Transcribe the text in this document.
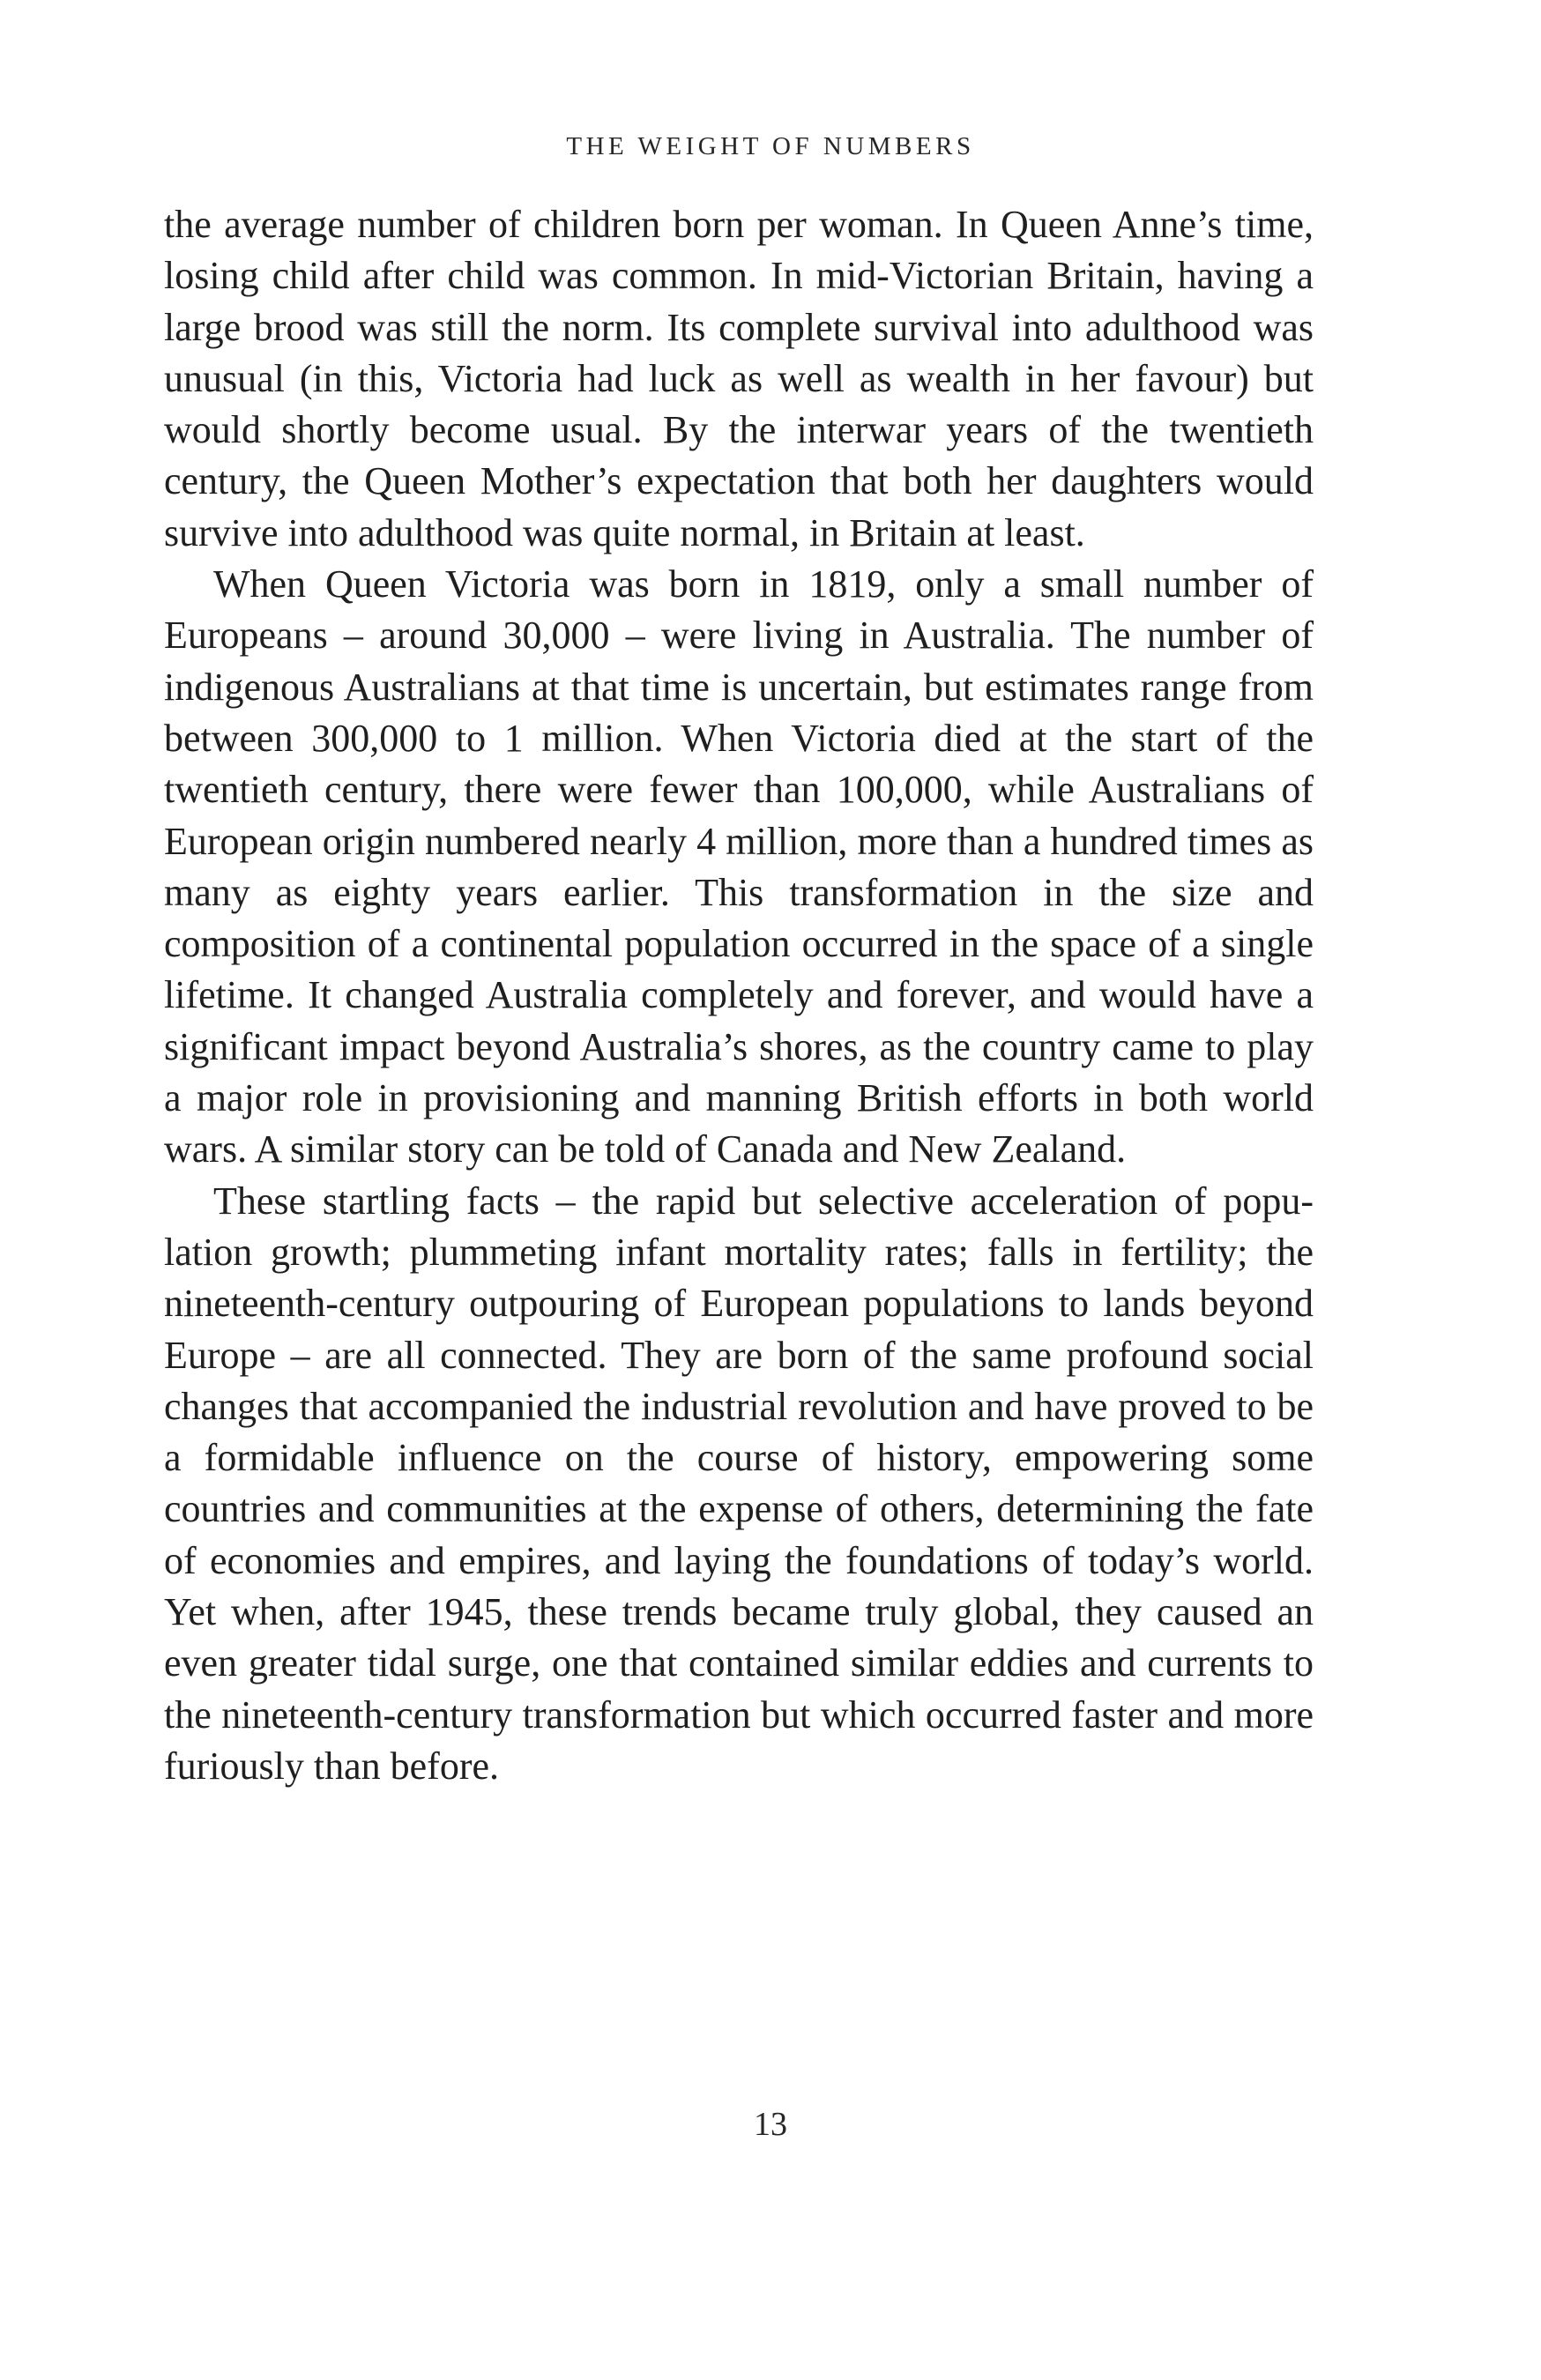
THE WEIGHT OF NUMBERS

the average number of children born per woman. In Queen Anne’s time, losing child after child was common. In mid-Victorian Britain, having a large brood was still the norm. Its complete survival into adulthood was unusual (in this, Victoria had luck as well as wealth in her favour) but would shortly become usual. By the interwar years of the twentieth century, the Queen Mother’s expectation that both her daughters would survive into adulthood was quite normal, in Britain at least.

When Queen Victoria was born in 1819, only a small number of Europeans – around 30,000 – were living in Australia. The number of indigenous Australians at that time is uncertain, but estimates range from between 300,000 to 1 million. When Victoria died at the start of the twentieth century, there were fewer than 100,000, while Australians of European origin numbered nearly 4 million, more than a hundred times as many as eighty years earlier. This transformation in the size and composition of a continental population occurred in the space of a single lifetime. It changed Australia completely and forever, and would have a significant impact beyond Australia’s shores, as the country came to play a major role in provisioning and manning British efforts in both world wars. A similar story can be told of Canada and New Zealand.

These startling facts – the rapid but selective acceleration of population growth; plummeting infant mortality rates; falls in fertility; the nineteenth-century outpouring of European populations to lands beyond Europe – are all connected. They are born of the same profound social changes that accompanied the industrial revolution and have proved to be a formidable influence on the course of history, empowering some countries and communities at the expense of others, determining the fate of economies and empires, and laying the foundations of today’s world. Yet when, after 1945, these trends became truly global, they caused an even greater tidal surge, one that contained similar eddies and currents to the nineteenth-century transformation but which occurred faster and more furiously than before.

13
